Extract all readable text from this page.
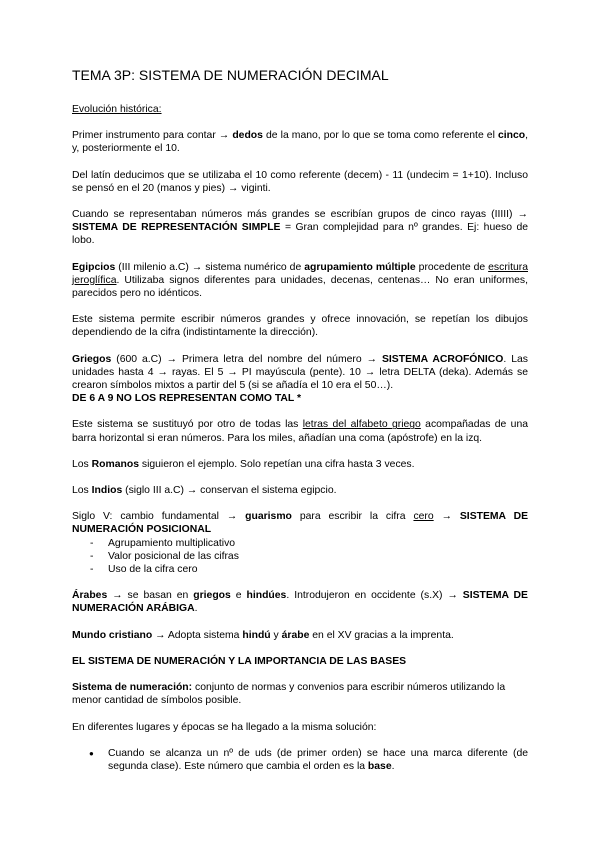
TEMA 3P: SISTEMA DE NUMERACIÓN DECIMAL

Evolución histórica:

Primer instrumento para contar → dedos de la mano, por lo que se toma como referente el cinco, y, posteriormente el 10.

Del latín deducimos que se utilizaba el 10 como referente (decem) - 11 (undecim = 1+10). Incluso se pensó en el 20 (manos y pies) → viginti.

Cuando se representaban números más grandes se escribían grupos de cinco rayas (IIIII) → SISTEMA DE REPRESENTACIÓN SIMPLE = Gran complejidad para nº grandes. Ej: hueso de lobo.

Egipcios (III milenio a.C) → sistema numérico de agrupamiento múltiple procedente de escritura jeroglífica. Utilizaba signos diferentes para unidades, decenas, centenas… No eran uniformes, parecidos pero no idénticos.

Este sistema permite escribir números grandes y ofrece innovación, se repetían los dibujos dependiendo de la cifra (indistintamente la dirección).

Griegos (600 a.C) → Primera letra del nombre del número → SISTEMA ACROFÓNICO. Las unidades hasta 4 → rayas. El 5 → PI mayúscula (pente). 10 → letra DELTA (deka). Además se crearon símbolos mixtos a partir del 5 (si se añadía el 10 era el 50…).
DE 6 A 9 NO LOS REPRESENTAN COMO TAL *

Este sistema se sustituyó por otro de todas las letras del alfabeto griego acompañadas de una barra horizontal si eran números. Para los miles, añadían una coma (apóstrofe) en la izq.

Los Romanos siguieron el ejemplo. Solo repetían una cifra hasta 3 veces.

Los Indios (siglo III a.C) → conservan el sistema egipcio.

Siglo V: cambio fundamental → guarismo para escribir la cifra cero → SISTEMA DE NUMERACIÓN POSICIONAL

- Agrupamiento multiplicativo
- Valor posicional de las cifras
- Uso de la cifra cero

Árabes → se basan en griegos e hindúes. Introdujeron en occidente (s.X) → SISTEMA DE NUMERACIÓN ARÁBIGA.

Mundo cristiano → Adopta sistema hindú y árabe en el XV gracias a la imprenta.

EL SISTEMA DE NUMERACIÓN Y LA IMPORTANCIA DE LAS BASES

Sistema de numeración: conjunto de normas y convenios para escribir números utilizando la menor cantidad de símbolos posible.

En diferentes lugares y épocas se ha llegado a la misma solución:

● Cuando se alcanza un nº de uds (de primer orden) se hace una marca diferente (de segunda clase). Este número que cambia el orden es la base.
